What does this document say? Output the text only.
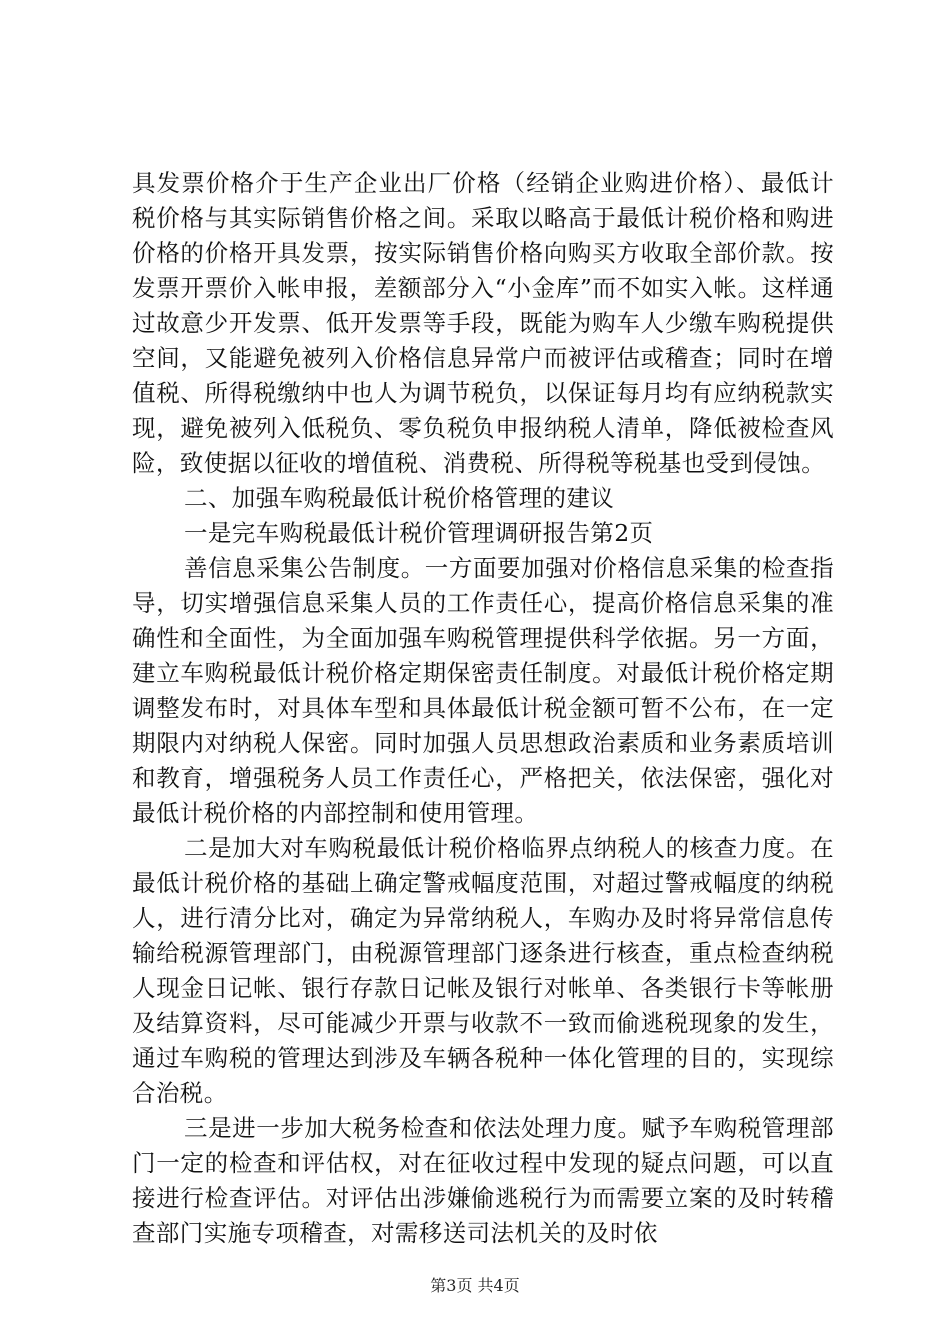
具发票价格介于生产企业出厂价格（经销企业购进价格）、最低计税价格与其实际销售价格之间。采取以略高于最低计税价格和购进价格的价格开具发票，按实际销售价格向购买方收取全部价款。按发票开票价入帐申报，差额部分入“小金库”而不如实入帐。这样通过故意少开发票、低开发票等手段，既能为购车人少缴车购税提供空间，又能避免被列入价格信息异常户而被评估或稽查；同时在增值税、所得税缴纳中也人为调节税负，以保证每月均有应纳税款实现，避免被列入低税负、零负税负申报纳税人清单，降低被检查风险，致使据以征收的增值税、消费税、所得税等税基也受到侵蚀。

二、加强车购税最低计税价格管理的建议

一是完车购税最低计税价管理调研报告第2页

善信息采集公告制度。一方面要加强对价格信息采集的检查指导，切实增强信息采集人员的工作责任心，提高价格信息采集的准确性和全面性，为全面加强车购税管理提供科学依据。另一方面，建立车购税最低计税价格定期保密责任制度。对最低计税价格定期调整发布时，对具体车型和具体最低计税金额可暂不公布，在一定期限内对纳税人保密。同时加强人员思想政治素质和业务素质培训和教育，增强税务人员工作责任心，严格把关，依法保密，强化对最低计税价格的内部控制和使用管理。

二是加大对车购税最低计税价格临界点纳税人的核查力度。在最低计税价格的基础上确定警戒幅度范围，对超过警戒幅度的纳税人，进行清分比对，确定为异常纳税人，车购办及时将异常信息传输给税源管理部门，由税源管理部门逐条进行核查，重点检查纳税人现金日记帐、银行存款日记帐及银行对帐单、各类银行卡等帐册及结算资料，尽可能减少开票与收款不一致而偷逃税现象的发生，通过车购税的管理达到涉及车辆各税种一体化管理的目的，实现综合治税。

三是进一步加大税务检查和依法处理力度。赋予车购税管理部门一定的检查和评估权，对在征收过程中发现的疑点问题，可以直接进行检查评估。对评估出涉嫌偷逃税行为而需要立案的及时转稽查部门实施专项稽查，对需移送司法机关的及时依

第3页 共4页
